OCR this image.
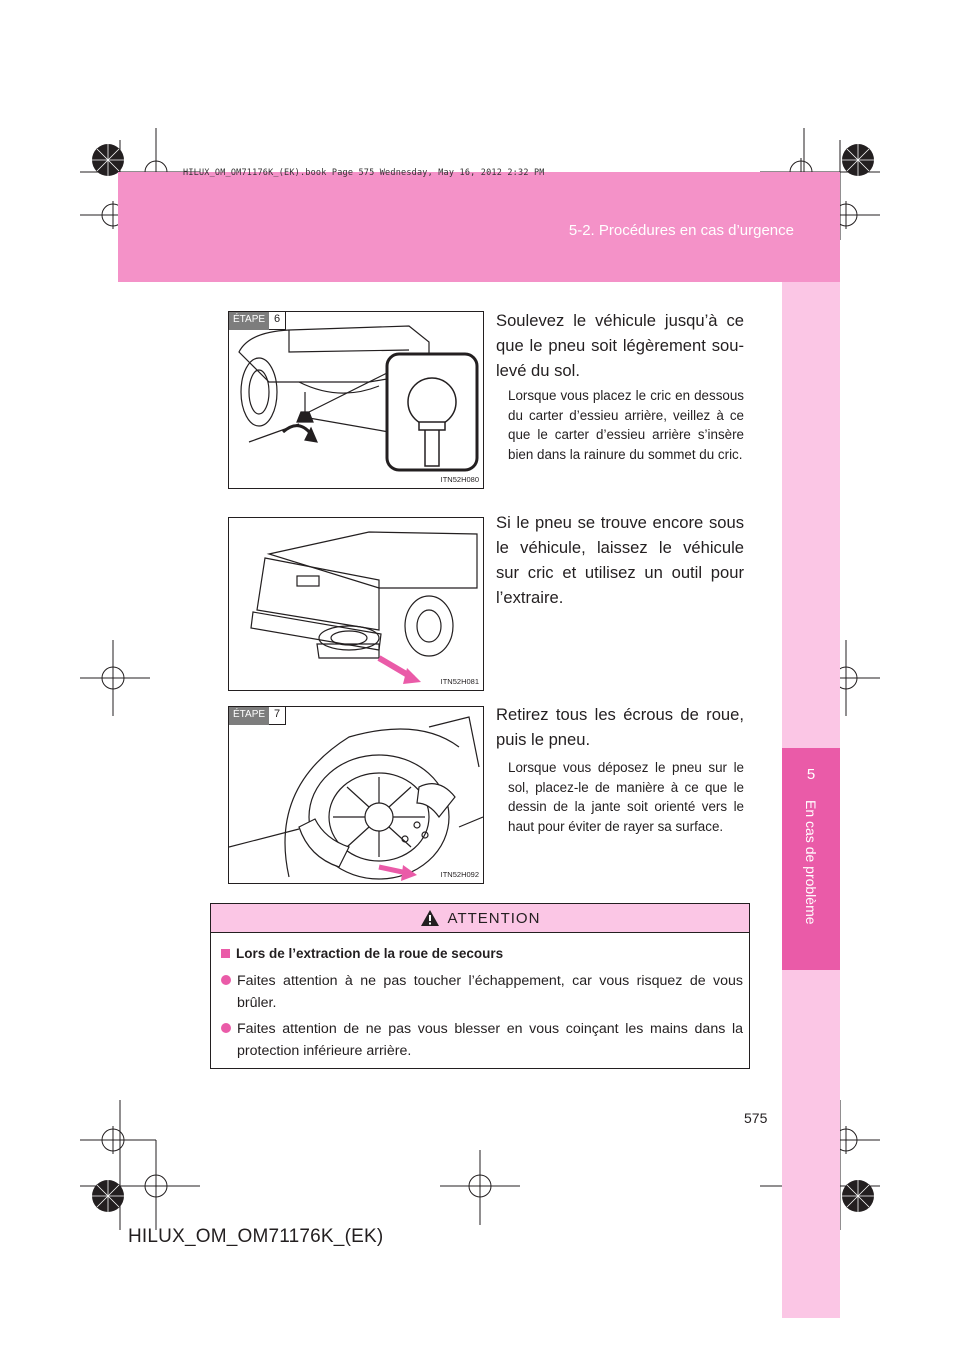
5-2. Procédures en cas d’urgence
HILUX_OM_OM71176K_(EK).book Page 575 Wednesday, May 16, 2012 2:32 PM
5
En cas de problème
ÉTAPE 6
ITN52H080
Soulevez le véhicule jusqu’à ce que le pneu soit légèrement sou-levé du sol.
Lorsque vous placez le cric en dessous du carter d’essieu arrière, veillez à ce que le carter d’essieu arrière s’insère bien dans la rainure du sommet du cric.
ITN52H081
Si le pneu se trouve encore sous le véhicule, laissez le véhicule sur cric et utilisez un outil pour l’extraire.
ÉTAPE 7
ITN52H092
Retirez tous les écrous de roue, puis le pneu.
Lorsque vous déposez le pneu sur le sol, placez-le de manière à ce que le dessin de la jante soit orienté vers le haut pour éviter de rayer sa surface.
ATTENTION
Lors de l’extraction de la roue de secours
Faites attention à ne pas toucher l’échappement, car vous risquez de vous brûler.
Faites attention de ne pas vous blesser en vous coinçant les mains dans la protection inférieure arrière.
575
HILUX_OM_OM71176K_(EK)
